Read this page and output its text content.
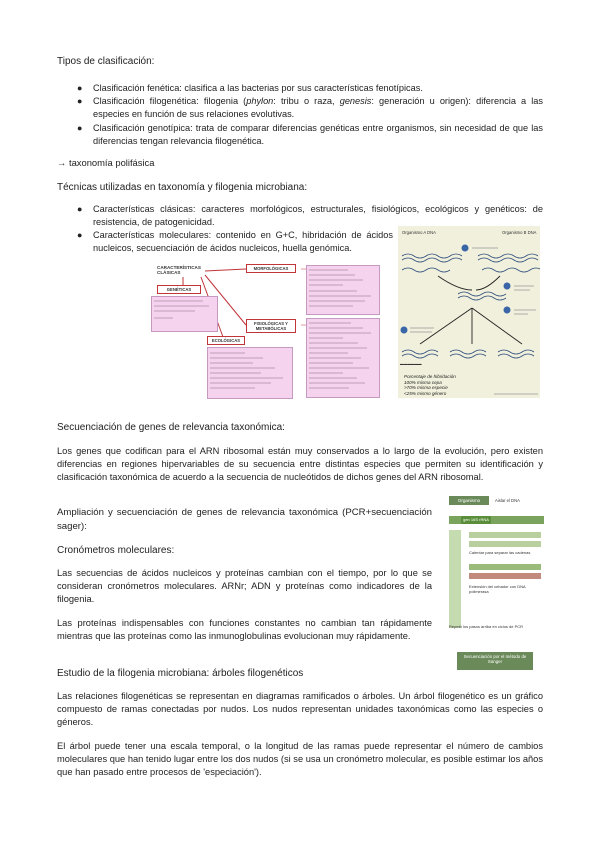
Tipos de clasificación:
● Clasificación fenética: clasifica a las bacterias por sus características fenotípicas.
● Clasificación filogenética: filogenia (phylon: tribu o raza, genesis: generación u origen): diferencia a las especies en función de sus relaciones evolutivas.
● Clasificación genotípica: trata de comparar diferencias genéticas entre organismos, sin necesidad de que las diferencias tengan relevancia filogenética.
→ taxonomía polifásica
Técnicas utilizadas en taxonomía y filogenia microbiana:
● Características clásicas: caracteres morfológicos, estructurales, fisiológicos, ecológicos y genéticos: de resistencia, de patogenicidad.
● Características moleculares: contenido en G+C, hibridación de ácidos nucleicos, secuenciación de ácidos nucleicos, huella genómica.
CARACTERÍSTICAS CLÁSICAS
GENÉTICAS
MORFOLÓGICAS
FISIOLÓGICAS Y METABÓLICAS
ECOLÓGICAS
Organismo A DNA	Organismo B DNA
▬▬▬▬▬▬
Porcentaje de hibridación
100% misma cepa
>70% misma especie
<25% mismo género
Secuenciación de genes de relevancia taxonómica:
Los genes que codifican para el ARN ribosomal están muy conservados a lo largo de la evolución, pero existen diferencias en regiones hipervariables de su secuencia entre distintas especies que permiten su identificación y clasificación taxonómica de acuerdo a la secuencia de nucleótidos de dichos genes del ARN ribosomal.
Ampliación y secuenciación de genes de relevancia taxonómica (PCR+secuenciación sager):
Cronómetros moleculares:
Las secuencias de ácidos nucleicos y proteínas cambian con el tiempo, por lo que se consideran cronómetros moleculares. ARNr; ADN y proteínas como indicadores de la filogenia.
Las proteínas indispensables con funciones constantes no cambian tan rápidamente mientras que las proteínas como las inmunoglobulinas evolucionan muy rápidamente.
Organismo	Aislar el DNA
gen 16S rRNA
Calentar para separar las cadenas
Extensión del cebador con DNA polimerasa
Repetir los pasos arriba en ciclos de PCR
Secuenciación por el método de Sanger
Estudio de la filogenia microbiana: árboles filogenéticos
Las relaciones filogenéticas se representan en diagramas ramificados o árboles. Un árbol filogenético es un gráfico compuesto de ramas conectadas por nudos. Los nudos representan unidades taxonómicas como las especies o géneros.
El árbol puede tener una escala temporal, o la longitud de las ramas puede representar el número de cambios moleculares que han tenido lugar entre los dos nudos (si se usa un cronómetro molecular, es posible estimar los años que han pasado entre procesos de 'especiación').
